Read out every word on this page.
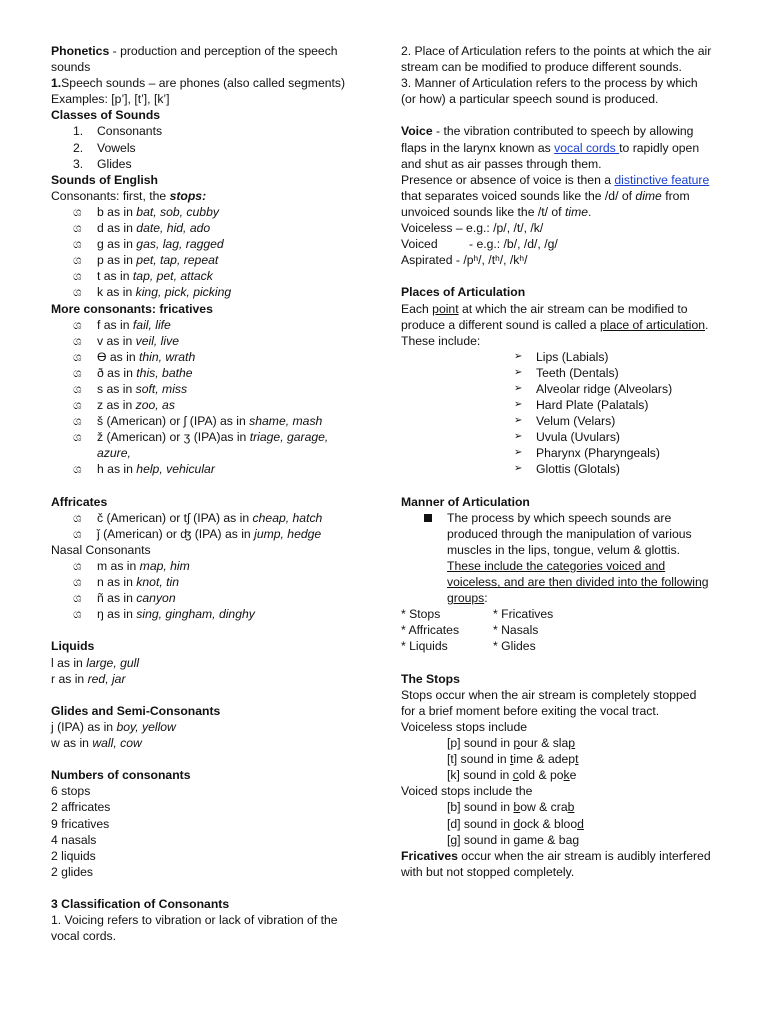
Phonetics - production and perception of the speech sounds
1.Speech sounds – are phones (also called segments) Examples: [p’], [t’], [k’]
Classes of Sounds
1. Consonants
2. Vowels
3. Glides
Sounds of English
Consonants: first, the stops:
ශ b as in bat, sob, cubby
ශ d as in date, hid, ado
ශ g as in gas, lag, ragged
ශ p as in pet, tap, repeat
ශ t as in tap, pet, attack
ශ k as in king, pick, picking
More consonants: fricatives
ශ f as in fail, life
ශ v as in veil, live
ශ Ɵ as in thin, wrath
ශ ð as in this, bathe
ශ s as in soft, miss
ශ z as in zoo, as
ශ š (American) or ʃ (IPA) as in shame, mash
ශ ž (American) or ʒ (IPA)as in triage, garage, azure,
ශ h as in help, vehicular
Affricates
ශ č (American) or tʃ (IPA) as in cheap, hatch
ශ ǰ (American) or ʤ (IPA) as in jump, hedge
Nasal Consonants
ශ m as in map, him
ශ n as in knot, tin
ශ ñ as in canyon
ශ ŋ as in sing, gingham, dinghy
Liquids
l as in large, gull
r as in red, jar
Glides and Semi-Consonants
j (IPA) as in boy, yellow
w as in wall, cow
Numbers of consonants
6 stops
2 affricates
9 fricatives
4 nasals
2 liquids
2 glides
3 Classification of Consonants
1. Voicing refers to vibration or lack of vibration of the vocal cords.
2. Place of Articulation refers to the points at which the air stream can be modified to produce different sounds.
3. Manner of Articulation refers to the process by which (or how) a particular speech sound is produced.
Voice - the vibration contributed to speech by allowing flaps in the larynx known as vocal cords to rapidly open and shut as air passes through them.
Presence or absence of voice is then a distinctive feature that separates voiced sounds like the /d/ of dime from unvoiced sounds like the /t/ of time.
Voiceless – e.g.: /p/, /t/, /k/
Voiced	- e.g.: /b/, /d/, /g/
Aspirated - /pʰ/, /tʰ/, /kʰ/
Places of Articulation
Each point at which the air stream can be modified to produce a different sound is called a place of articulation. These include:
➢ Lips (Labials)
➢ Teeth (Dentals)
➢ Alveolar ridge (Alveolars)
➢ Hard Plate (Palatals)
➢ Velum (Velars)
➢ Uvula (Uvulars)
➢ Pharynx (Pharyngeals)
➢ Glottis (Glotals)
Manner of Articulation
The process by which speech sounds are produced through the manipulation of various muscles in the lips, tongue, velum & glottis. These include the categories voiced and voiceless, and are then divided into the following groups:
* Stops	* Fricatives
* Affricates	* Nasals
* Liquids	* Glides
The Stops
Stops occur when the air stream is completely stopped for a brief moment before exiting the vocal tract.
Voiceless stops include
[p] sound in pour & slap
[t] sound in time & adept
[k] sound in cold & poke
Voiced stops include the
[b] sound in bow & crab
[d] sound in dock & blood
[g] sound in game & bag
Fricatives occur when the air stream is audibly interfered with but not stopped completely.
